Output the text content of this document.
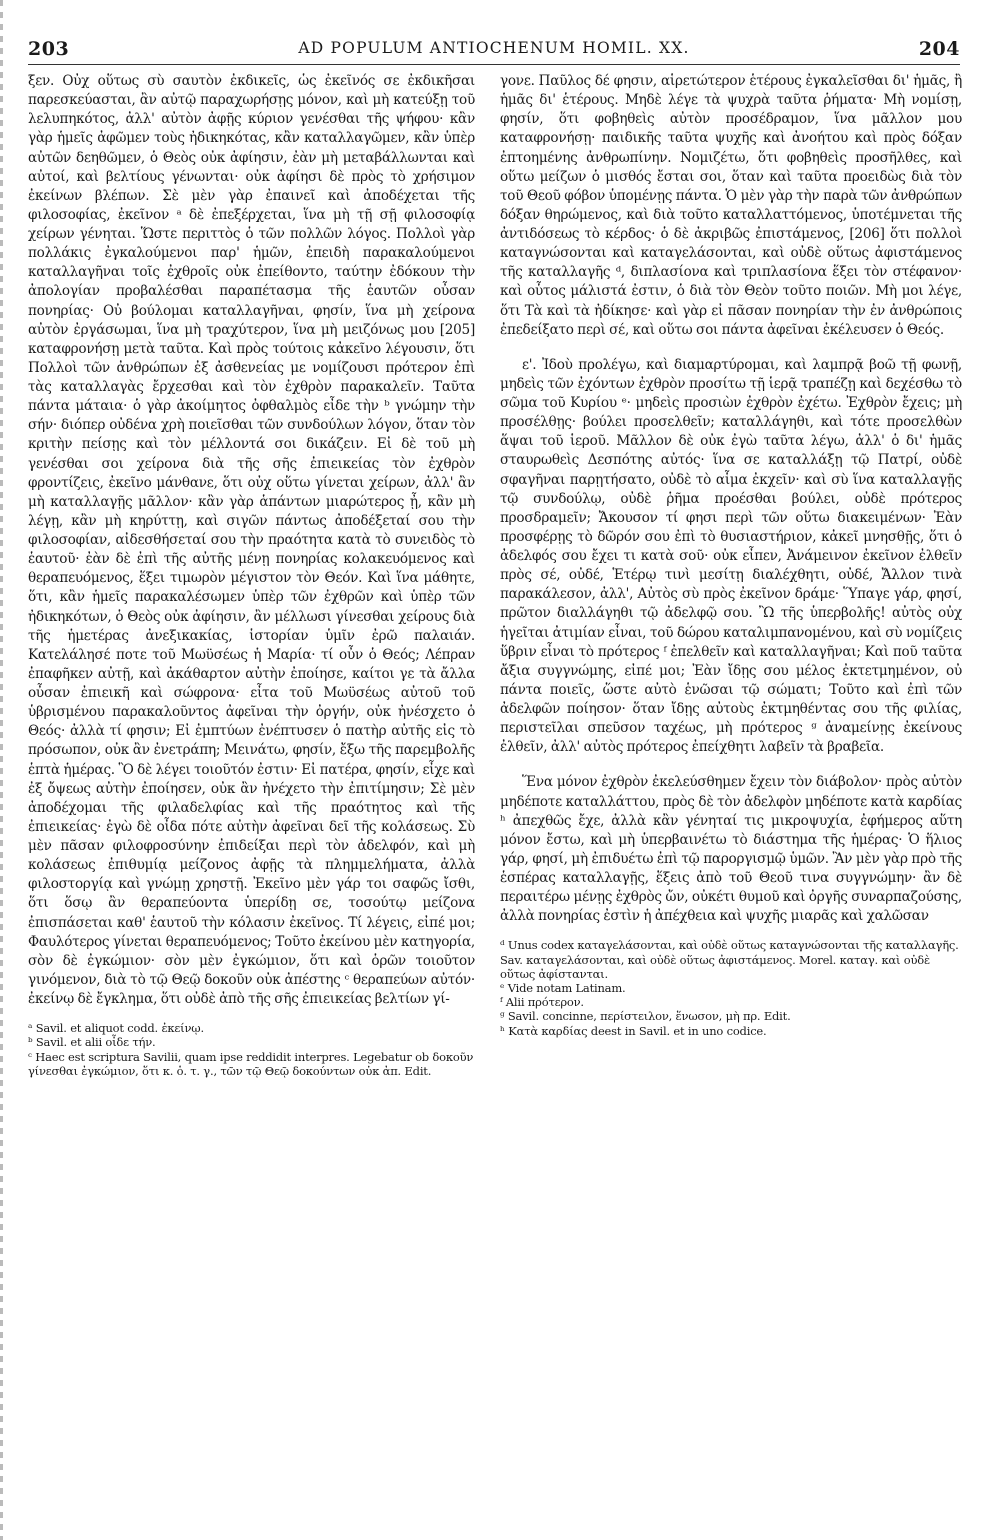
203	AD POPULUM ANTIOCHENUM HOMIL. XX.	204

ξεν. Οὐχ οὕτως σὺ σαυτὸν ἐκδικεῖς, ὡς ἐκεῖνός σε ἐκδικῆσαι παρεσκεύασται, ἂν αὐτῷ παραχωρήσῃς μόνον, καὶ μὴ κατεύξῃ τοῦ λελυπηκότος, ἀλλ' αὐτὸν ἀφῇς κύριον γενέσθαι τῆς ψήφου· κἂν γὰρ ἡμεῖς ἀφῶμεν τοὺς ἠδικηκότας, κἂν καταλλαγῶμεν, κἂν ὑπὲρ αὐτῶν δεηθῶμεν, ὁ Θεὸς οὐκ ἀφίησιν, ἐὰν μὴ μεταβάλλωνται καὶ αὐτοί, καὶ βελτίους γένωνται· οὐκ ἀφίησι δὲ πρὸς τὸ χρήσιμον ἐκείνων βλέπων. Σὲ μὲν γὰρ ἐπαινεῖ καὶ ἀποδέχεται τῆς φιλοσοφίας, ἐκεῖνον ᵃ δὲ ἐπεξέρχεται, ἵνα μὴ τῇ σῇ φιλοσοφίᾳ χείρων γένηται. Ὥστε περιττὸς ὁ τῶν πολλῶν λόγος. Πολλοὶ γὰρ πολλάκις ἐγκαλούμενοι παρ' ἡμῶν, ἐπειδὴ παρακαλούμενοι καταλλαγῆναι τοῖς ἐχθροῖς οὐκ ἐπείθοντο, ταύτην ἐδόκουν τὴν ἀπολογίαν προβαλέσθαι παραπέτασμα τῆς ἑαυτῶν οὖσαν πονηρίας· Οὐ βούλομαι καταλλαγῆναι, φησίν, ἵνα μὴ χείρονα αὐτὸν ἐργάσωμαι, ἵνα μὴ τραχύτερον, ἵνα μὴ μειζόνως μου [205] καταφρονήσῃ μετὰ ταῦτα. Καὶ πρὸς τούτοις κἀκεῖνο λέγουσιν, ὅτι Πολλοὶ τῶν ἀνθρώπων ἐξ ἀσθενείας με νομίζουσι πρότερον ἐπὶ τὰς καταλλαγὰς ἔρχεσθαι καὶ τὸν ἐχθρὸν παρακαλεῖν. Ταῦτα πάντα μάταια· ὁ γὰρ ἀκοίμητος ὀφθαλμὸς εἶδε τὴν ᵇ γνώμην τὴν σήν· διόπερ οὐδένα χρὴ ποιεῖσθαι τῶν συνδούλων λόγον, ὅταν τὸν κριτὴν πείσῃς καὶ τὸν μέλλοντά σοι δικάζειν. Εἰ δὲ τοῦ μὴ γενέσθαι σοι χείρονα διὰ τῆς σῆς ἐπιεικείας τὸν ἐχθρὸν φροντίζεις, ἐκεῖνο μάνθανε, ὅτι οὐχ οὕτω γίνεται χείρων, ἀλλ' ἂν μὴ καταλλαγῇς μᾶλλον· κἂν γὰρ ἁπάντων μιαρώτερος ᾖ, κἂν μὴ λέγῃ, κἂν μὴ κηρύττῃ, καὶ σιγῶν πάντως ἀποδέξεταί σου τὴν φιλοσοφίαν, αἰδεσθήσεταί σου τὴν πραότητα κατὰ τὸ συνειδὸς τὸ ἑαυτοῦ· ἐὰν δὲ ἐπὶ τῆς αὐτῆς μένῃ πονηρίας κολακευόμενος καὶ θεραπευόμενος, ἕξει τιμωρὸν μέγιστον τὸν Θεόν. Καὶ ἵνα μάθητε, ὅτι, κἂν ἡμεῖς παρακαλέσωμεν ὑπὲρ τῶν ἐχθρῶν καὶ ὑπὲρ τῶν ἠδικηκότων, ὁ Θεὸς οὐκ ἀφίησιν, ἂν μέλλωσι γίνεσθαι χείρους διὰ τῆς ἡμετέρας ἀνεξικακίας, ἱστορίαν ὑμῖν ἐρῶ παλαιάν. Κατελάλησέ ποτε τοῦ Μωϋσέως ἡ Μαρία· τί οὖν ὁ Θεός; Λέπραν ἐπαφῆκεν αὐτῇ, καὶ ἀκάθαρτον αὐτὴν ἐποίησε, καίτοι γε τὰ ἄλλα οὖσαν ἐπιεικῆ καὶ σώφρονα· εἶτα τοῦ Μωϋσέως αὐτοῦ τοῦ ὑβρισμένου παρακαλοῦντος ἀφεῖναι τὴν ὀργήν, οὐκ ἠνέσχετο ὁ Θεός· ἀλλὰ τί φησιν; Εἰ ἐμπτύων ἐνέπτυσεν ὁ πατὴρ αὐτῆς εἰς τὸ πρόσωπον, οὐκ ἂν ἐνετράπη; Μεινάτω, φησίν, ἔξω τῆς παρεμβολῆς ἑπτὰ ἡμέρας. Ὃ δὲ λέγει τοιοῦτόν ἐστιν· Εἰ πατέρα, φησίν, εἶχε καὶ ἐξ ὄψεως αὐτὴν ἐποίησεν, οὐκ ἂν ἠνέχετο τὴν ἐπιτίμησιν; Σὲ μὲν ἀποδέχομαι τῆς φιλαδελφίας καὶ τῆς πραότητος καὶ τῆς ἐπιεικείας· ἐγὼ δὲ οἶδα πότε αὐτὴν ἀφεῖναι δεῖ τῆς κολάσεως. Σὺ μὲν πᾶσαν φιλοφροσύνην ἐπιδείξαι περὶ τὸν ἀδελφόν, καὶ μὴ κολάσεως ἐπιθυμίᾳ μείζονος ἀφῇς τὰ πλημμελήματα, ἀλλὰ φιλοστοργίᾳ καὶ γνώμῃ χρηστῇ. Ἐκεῖνο μὲν γάρ τοι σαφῶς ἴσθι, ὅτι ὅσῳ ἂν θεραπεύοντα ὑπερίδῃ σε, τοσούτῳ μείζονα ἐπισπάσεται καθ' ἑαυτοῦ τὴν κόλασιν ἐκεῖνος. Τί λέγεις, εἰπέ μοι; Φαυλότερος γίνεται θεραπευόμενος; Τοῦτο ἐκείνου μὲν κατηγορία, σὸν δὲ ἐγκώμιον· σὸν μὲν ἐγκώμιον, ὅτι καὶ ὁρῶν τοιοῦτον γινόμενον, διὰ τὸ τῷ Θεῷ δοκοῦν οὐκ ἀπέστης ᶜ θεραπεύων αὐτόν· ἐκείνῳ δὲ ἔγκλημα, ὅτι οὐδὲ ἀπὸ τῆς σῆς ἐπιεικείας βελτίων γί-

ᵃ Savil. et aliquot codd. ἐκείνῳ.

ᵇ Savil. et alii οἶδε τήν.

ᶜ Haec est scriptura Savilii, quam ipse reddidit interpres. Legebatur ob δοκοῦν γίνεσθαι ἐγκώμιον, ὅτι κ. ὁ. τ. γ., τῶν τῷ Θεῷ δοκούντων οὐκ ἀπ. Edit.

γονε. Παῦλος δέ φησιν, αἱρετώτερον ἑτέρους ἐγκαλεῖσθαι δι' ἡμᾶς, ἢ ἡμᾶς δι' ἑτέρους. Μηδὲ λέγε τὰ ψυχρὰ ταῦτα ῥήματα· Μὴ νομίσῃ, φησίν, ὅτι φοβηθεὶς αὐτὸν προσέδραμον, ἵνα μᾶλλον μου καταφρονήσῃ· παιδικῆς ταῦτα ψυχῆς καὶ ἀνοήτου καὶ πρὸς δόξαν ἐπτοημένης ἀνθρωπίνην. Νομιζέτω, ὅτι φοβηθεὶς προσῆλθες, καὶ οὕτω μείζων ὁ μισθός ἔσται σοι, ὅταν καὶ ταῦτα προειδὼς διὰ τὸν τοῦ Θεοῦ φόβον ὑπομένῃς πάντα. Ὁ μὲν γὰρ τὴν παρὰ τῶν ἀνθρώπων δόξαν θηρώμενος, καὶ διὰ τοῦτο καταλλαττόμενος, ὑποτέμνεται τῆς ἀντιδόσεως τὸ κέρδος· ὁ δὲ ἀκριβῶς ἐπιστάμενος, [206] ὅτι πολλοὶ καταγνώσονται καὶ καταγελάσονται, καὶ οὐδὲ οὕτως ἀφιστάμενος τῆς καταλλαγῆς ᵈ, διπλασίονα καὶ τριπλασίονα ἕξει τὸν στέφανον· καὶ οὗτος μάλιστά ἐστιν, ὁ διὰ τὸν Θεὸν τοῦτο ποιῶν. Μὴ μοι λέγε, ὅτι Τὰ καὶ τὰ ἠδίκησε· καὶ γὰρ εἰ πᾶσαν πονηρίαν τὴν ἐν ἀνθρώποις ἐπεδείξατο περὶ σέ, καὶ οὕτω σοι πάντα ἀφεῖναι ἐκέλευσεν ὁ Θεός.

ε'. Ἰδοὺ προλέγω, καὶ διαμαρτύρομαι, καὶ λαμπρᾷ βοῶ τῇ φωνῇ, μηδεὶς τῶν ἐχόντων ἐχθρὸν προσίτω τῇ ἱερᾷ τραπέζῃ καὶ δεχέσθω τὸ σῶμα τοῦ Κυρίου ᵉ· μηδεὶς προσιὼν ἐχθρὸν ἐχέτω. Ἐχθρὸν ἔχεις; μὴ προσέλθῃς· βούλει προσελθεῖν; καταλλάγηθι, καὶ τότε προσελθὼν ἅψαι τοῦ ἱεροῦ. Μᾶλλον δὲ οὐκ ἐγὼ ταῦτα λέγω, ἀλλ' ὁ δι' ἡμᾶς σταυρωθεὶς Δεσπότης αὐτός· ἵνα σε καταλλάξῃ τῷ Πατρί, οὐδὲ σφαγῆναι παρῃτήσατο, οὐδὲ τὸ αἷμα ἐκχεῖν· καὶ σὺ ἵνα καταλλαγῇς τῷ συνδούλῳ, οὐδὲ ῥῆμα προέσθαι βούλει, οὐδὲ πρότερος προσδραμεῖν; Ἄκουσον τί φησι περὶ τῶν οὕτω διακειμένων· Ἐὰν προσφέρῃς τὸ δῶρόν σου ἐπὶ τὸ θυσιαστήριον, κἀκεῖ μνησθῇς, ὅτι ὁ ἀδελφός σου ἔχει τι κατὰ σοῦ· οὐκ εἶπεν, Ἀνάμεινον ἐκεῖνον ἐλθεῖν πρὸς σέ, οὐδέ, Ἑτέρῳ τινὶ μεσίτῃ διαλέχθητι, οὐδέ, Ἄλλον τινὰ παρακάλεσον, ἀλλ', Αὐτὸς σὺ πρὸς ἐκεῖνον δράμε· Ὕπαγε γάρ, φησί, πρῶτον διαλλάγηθι τῷ ἀδελφῷ σου. Ὢ τῆς ὑπερβολῆς! αὐτὸς οὐχ ἡγεῖται ἀτιμίαν εἶναι, τοῦ δώρου καταλιμπανομένου, καὶ σὺ νομίζεις ὕβριν εἶναι τὸ πρότερος ᶠ ἐπελθεῖν καὶ καταλλαγῆναι; Καὶ ποῦ ταῦτα ἄξια συγγνώμης, εἰπέ μοι; Ἐὰν ἴδῃς σου μέλος ἐκτετμημένον, οὐ πάντα ποιεῖς, ὥστε αὐτὸ ἑνῶσαι τῷ σώματι; Τοῦτο καὶ ἐπὶ τῶν ἀδελφῶν ποίησον· ὅταν ἴδῃς αὐτοὺς ἐκτμηθέντας σου τῆς φιλίας, περιστεῖλαι σπεῦσον ταχέως, μὴ πρότερος ᵍ ἀναμείνῃς ἐκείνους ἐλθεῖν, ἀλλ' αὐτὸς πρότερος ἐπείχθητι λαβεῖν τὰ βραβεῖα.

Ἕνα μόνον ἐχθρὸν ἐκελεύσθημεν ἔχειν τὸν διάβολον· πρὸς αὐτὸν μηδέποτε καταλλάττου, πρὸς δὲ τὸν ἀδελφὸν μηδέποτε κατὰ καρδίας ʰ ἀπεχθῶς ἔχε, ἀλλὰ κἂν γένηταί τις μικροψυχία, ἐφήμερος αὕτη μόνον ἔστω, καὶ μὴ ὑπερβαινέτω τὸ διάστημα τῆς ἡμέρας· Ὁ ἥλιος γάρ, φησί, μὴ ἐπιδυέτω ἐπὶ τῷ παροργισμῷ ὑμῶν. Ἂν μὲν γὰρ πρὸ τῆς ἑσπέρας καταλλαγῇς, ἕξεις ἀπὸ τοῦ Θεοῦ τινα συγγνώμην· ἂν δὲ περαιτέρω μένῃς ἐχθρὸς ὤν, οὐκέτι θυμοῦ καὶ ὀργῆς συναρπαζούσης, ἀλλὰ πονηρίας ἐστὶν ἡ ἀπέχθεια καὶ ψυχῆς μιαρᾶς καὶ χαλῶσαν

ᵈ Unus codex καταγελάσονται, καὶ οὐδὲ οὕτως καταγνώσονται τῆς καταλλαγῆς. Sav. καταγελάσονται, καὶ οὐδὲ οὕτως ἀφιστάμενος. Morel. καταγ. καὶ οὐδὲ οὕτως ἀφίστανται.

ᵉ Vide notam Latinam.

ᶠ Alii πρότερον.

ᵍ Savil. concinne, περίστειλον, ἕνωσον, μὴ πρ. Edit.

ʰ Κατὰ καρδίας deest in Savil. et in uno codice.
